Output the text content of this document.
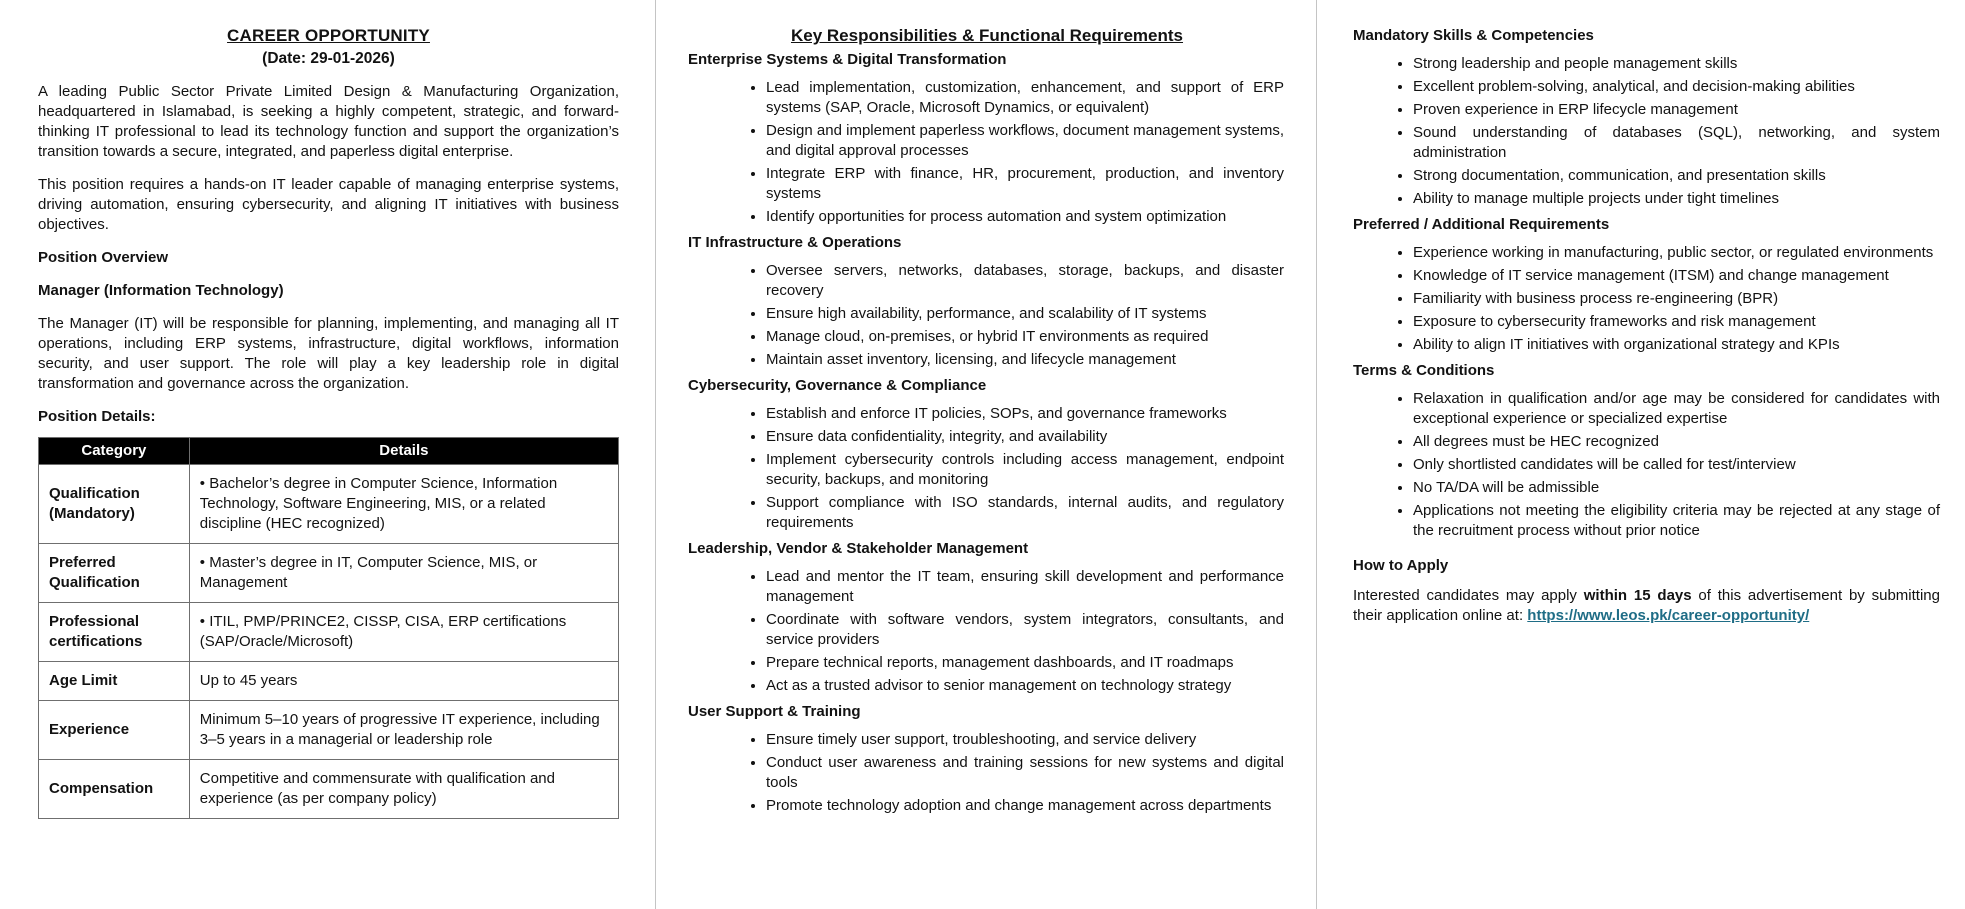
CAREER OPPORTUNITY
(Date: 29-01-2026)

A leading Public Sector Private Limited Design & Manufacturing Organization, headquartered in Islamabad, is seeking a highly competent, strategic, and forward-thinking IT professional to lead its technology function and support the organization’s transition towards a secure, integrated, and paperless digital enterprise.

This position requires a hands-on IT leader capable of managing enterprise systems, driving automation, ensuring cybersecurity, and aligning IT initiatives with business objectives.

Position Overview
Manager (Information Technology)

The Manager (IT) will be responsible for planning, implementing, and managing all IT operations, including ERP systems, infrastructure, digital workflows, information security, and user support. The role will play a key leadership role in digital transformation and governance across the organization.

Position Details:
Category	Details
Qualification (Mandatory)	• Bachelor’s degree in Computer Science, Information Technology, Software Engineering, MIS, or a related discipline (HEC recognized)
Preferred Qualification	• Master’s degree in IT, Computer Science, MIS, or Management
Professional certifications	• ITIL, PMP/PRINCE2, CISSP, CISA, ERP certifications (SAP/Oracle/Microsoft)
Age Limit	Up to 45 years
Experience	Minimum 5–10 years of progressive IT experience, including 3–5 years in a managerial or leadership role
Compensation	Competitive and commensurate with qualification and experience (as per company policy)
Key Responsibilities & Functional Requirements
Enterprise Systems & Digital Transformation
• Lead implementation, customization, enhancement, and support of ERP systems (SAP, Oracle, Microsoft Dynamics, or equivalent)
• Design and implement paperless workflows, document management systems, and digital approval processes
• Integrate ERP with finance, HR, procurement, production, and inventory systems
• Identify opportunities for process automation and system optimization
IT Infrastructure & Operations
• Oversee servers, networks, databases, storage, backups, and disaster recovery
• Ensure high availability, performance, and scalability of IT systems
• Manage cloud, on-premises, or hybrid IT environments as required
• Maintain asset inventory, licensing, and lifecycle management
Cybersecurity, Governance & Compliance
• Establish and enforce IT policies, SOPs, and governance frameworks
• Ensure data confidentiality, integrity, and availability
• Implement cybersecurity controls including access management, endpoint security, backups, and monitoring
• Support compliance with ISO standards, internal audits, and regulatory requirements
Leadership, Vendor & Stakeholder Management
• Lead and mentor the IT team, ensuring skill development and performance management
• Coordinate with software vendors, system integrators, consultants, and service providers
• Prepare technical reports, management dashboards, and IT roadmaps
• Act as a trusted advisor to senior management on technology strategy
User Support & Training
• Ensure timely user support, troubleshooting, and service delivery
• Conduct user awareness and training sessions for new systems and digital tools
• Promote technology adoption and change management across departments
Mandatory Skills & Competencies
• Strong leadership and people management skills
• Excellent problem-solving, analytical, and decision-making abilities
• Proven experience in ERP lifecycle management
• Sound understanding of databases (SQL), networking, and system administration
• Strong documentation, communication, and presentation skills
• Ability to manage multiple projects under tight timelines
Preferred / Additional Requirements
• Experience working in manufacturing, public sector, or regulated environments
• Knowledge of IT service management (ITSM) and change management
• Familiarity with business process re-engineering (BPR)
• Exposure to cybersecurity frameworks and risk management
• Ability to align IT initiatives with organizational strategy and KPIs
Terms & Conditions
• Relaxation in qualification and/or age may be considered for candidates with exceptional experience or specialized expertise
• All degrees must be HEC recognized
• Only shortlisted candidates will be called for test/interview
• No TA/DA will be admissible
• Applications not meeting the eligibility criteria may be rejected at any stage of the recruitment process without prior notice
How to Apply

Interested candidates may apply within 15 days of this advertisement by submitting their application online at: https://www.leos.pk/career-opportunity/
